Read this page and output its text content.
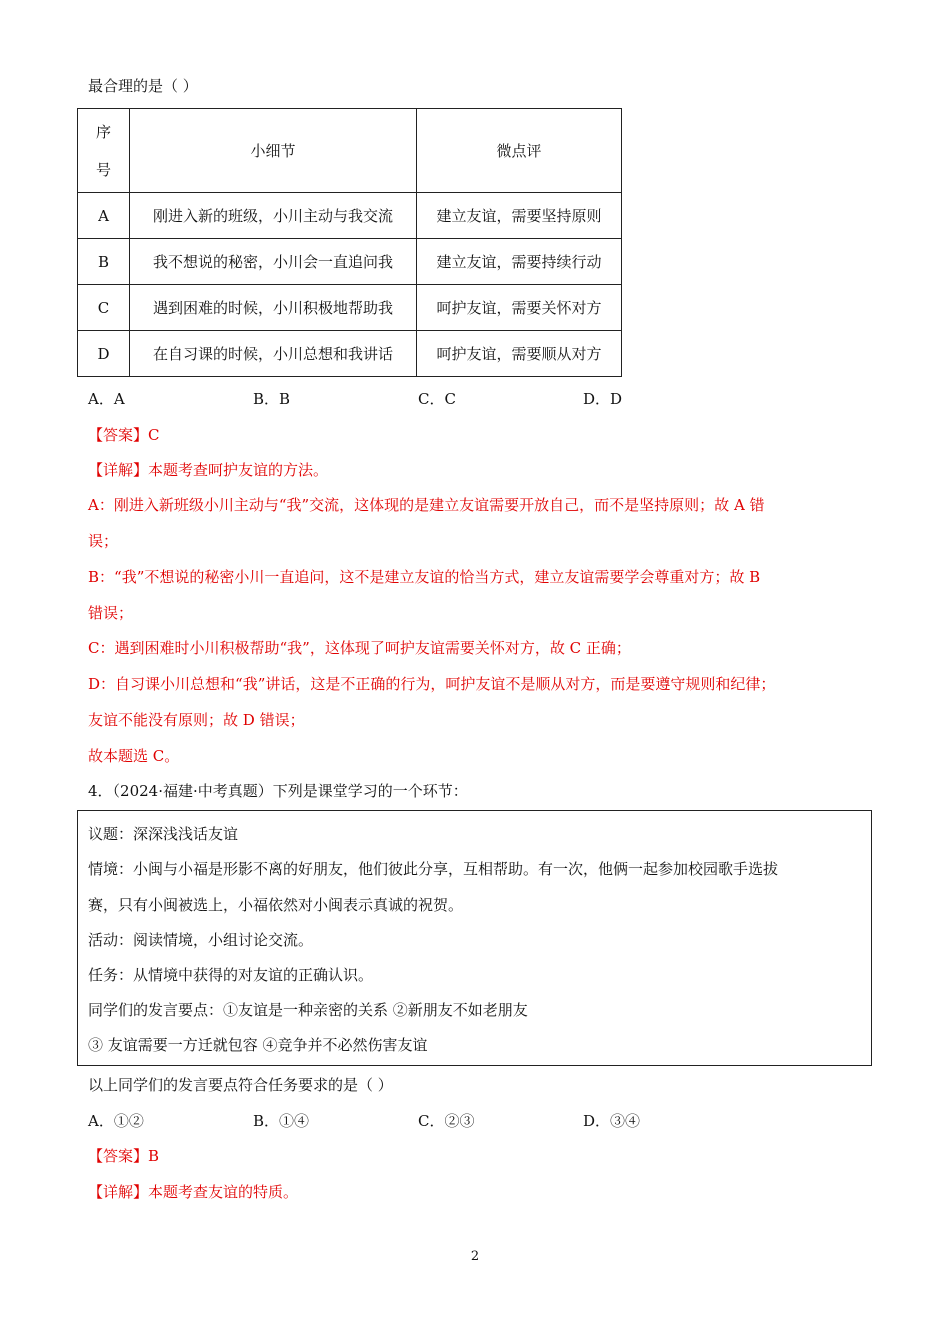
最合理的是（ ）
序
号	小细节	微点评
A	刚进入新的班级，小川主动与我交流	建立友谊，需要坚持原则
B	我不想说的秘密，小川会一直追问我	建立友谊，需要持续行动
C	遇到困难的时候，小川积极地帮助我	呵护友谊，需要关怀对方
D	在自习课的时候，小川总想和我讲话	呵护友谊，需要顺从对方
A．A	B．B	C．C	D．D
【答案】C
【详解】本题考查呵护友谊的方法。
A：刚进入新班级小川主动与“我”交流，这体现的是建立友谊需要开放自己，而不是坚持原则；故 A 错
误；
B：“我”不想说的秘密小川一直追问，这不是建立友谊的恰当方式，建立友谊需要学会尊重对方；故 B
错误；
C：遇到困难时小川积极帮助“我”，这体现了呵护友谊需要关怀对方，故 C 正确；
D：自习课小川总想和“我”讲话，这是不正确的行为，呵护友谊不是顺从对方，而是要遵守规则和纪律；
友谊不能没有原则；故 D 错误；
故本题选 C。
4．（2024·福建·中考真题）下列是课堂学习的一个环节：
议题：深深浅浅话友谊
情境：小闽与小福是形影不离的好朋友，他们彼此分享，互相帮助。有一次，他俩一起参加校园歌手选拔
赛，只有小闽被选上，小福依然对小闽表示真诚的祝贺。
活动：阅读情境，小组讨论交流。
任务：从情境中获得的对友谊的正确认识。
同学们的发言要点：①友谊是一种亲密的关系 ②新朋友不如老朋友
③ 友谊需要一方迁就包容 ④竞争并不必然伤害友谊
以上同学们的发言要点符合任务要求的是（ ）
A．①②	B．①④	C．②③	D．③④
【答案】B
【详解】本题考查友谊的特质。
2
